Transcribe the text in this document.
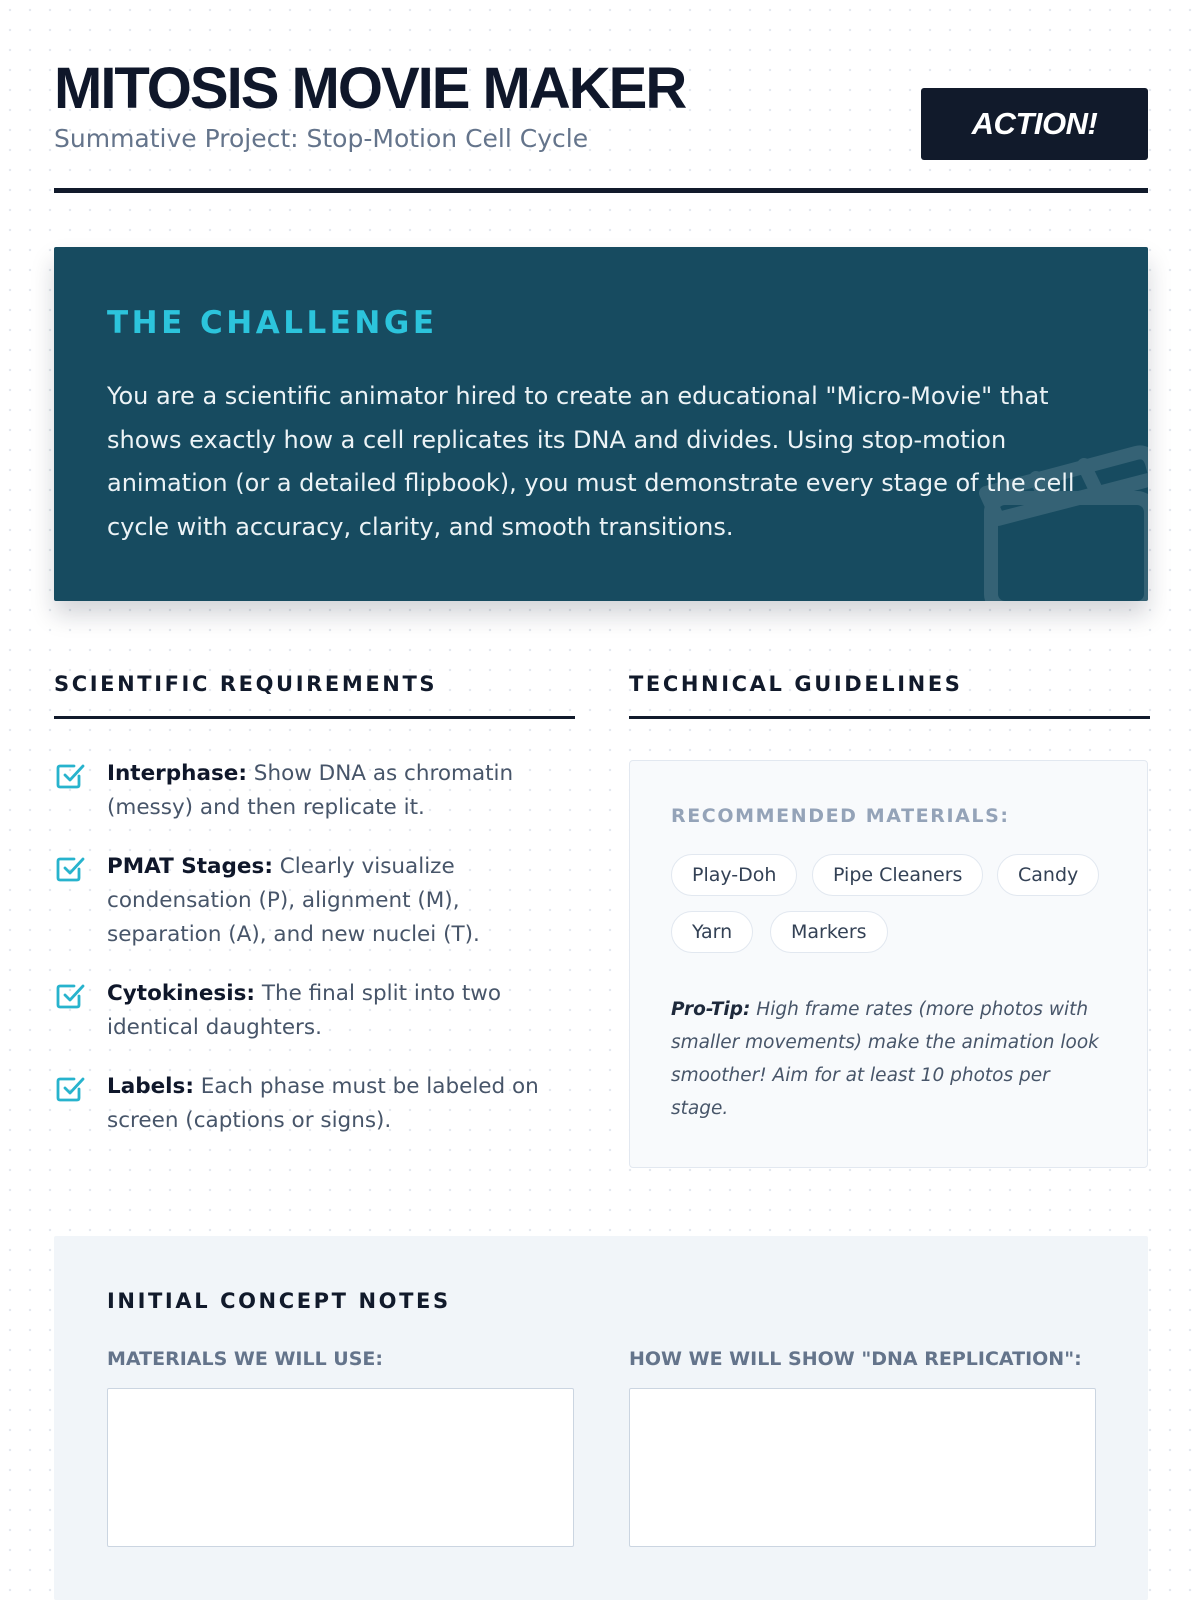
MITOSIS MOVIE MAKER
Summative Project: Stop-Motion Cell Cycle	ACTION!
THE CHALLENGE

You are a scientific animator hired to create an educational "Micro-Movie" that shows exactly how a cell replicates its DNA and divides. Using stop-motion animation (or a detailed flipbook), you must demonstrate every stage of the cell cycle with accuracy, clarity, and smooth transitions.

SCIENTIFIC REQUIREMENTS	TECHNICAL GUIDELINES
Interphase: Show DNA as chromatin (messy) and then replicate it.
PMAT Stages: Clearly visualize condensation (P), alignment (M), separation (A), and new nuclei (T).
Cytokinesis: The final split into two identical daughters.
Labels: Each phase must be labeled on screen (captions or signs).
RECOMMENDED MATERIALS:
Play-Doh	Pipe Cleaners	Candy
Yarn	Markers

Pro-Tip: High frame rates (more photos with smaller movements) make the animation look smoother! Aim for at least 10 photos per stage.

INITIAL CONCEPT NOTES
MATERIALS WE WILL USE:	HOW WE WILL SHOW "DNA REPLICATION":
